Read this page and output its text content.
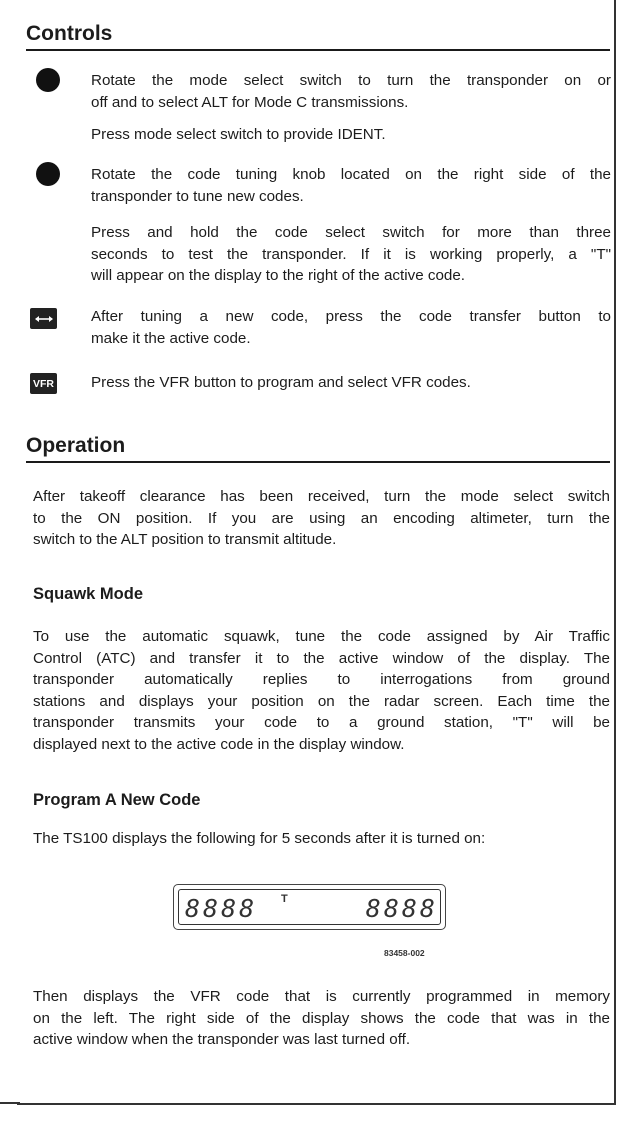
Controls
Rotate the mode select switch to turn the transponder on or
off and to select ALT for Mode C transmissions.
Press mode select switch to provide IDENT.
Rotate the code tuning knob located on the right side of the
transponder to tune new codes.
Press and hold the code select switch for more than three
seconds to test the transponder. If it is working properly, a "T"
will appear on the display to the right of the active code.
After tuning a new code, press the code transfer button to
make it the active code.
VFR Press the VFR button to program and select VFR codes.
Operation
After takeoff clearance has been received, turn the mode select switch
to the ON position. If you are using an encoding altimeter, turn the
switch to the ALT position to transmit altitude.
Squawk Mode
To use the automatic squawk, tune the code assigned by Air Traffic
Control (ATC) and transfer it to the active window of the display. The
transponder automatically replies to interrogations from ground
stations and displays your position on the radar screen. Each time the
transponder transmits your code to a ground station, "T" will be
displayed next to the active code in the display window.
Program A New Code
The TS100 displays the following for 5 seconds after it is turned on:
8888 T	8888
83458-002
Then displays the VFR code that is currently programmed in memory
on the left. The right side of the display shows the code that was in the
active window when the transponder was last turned off.
